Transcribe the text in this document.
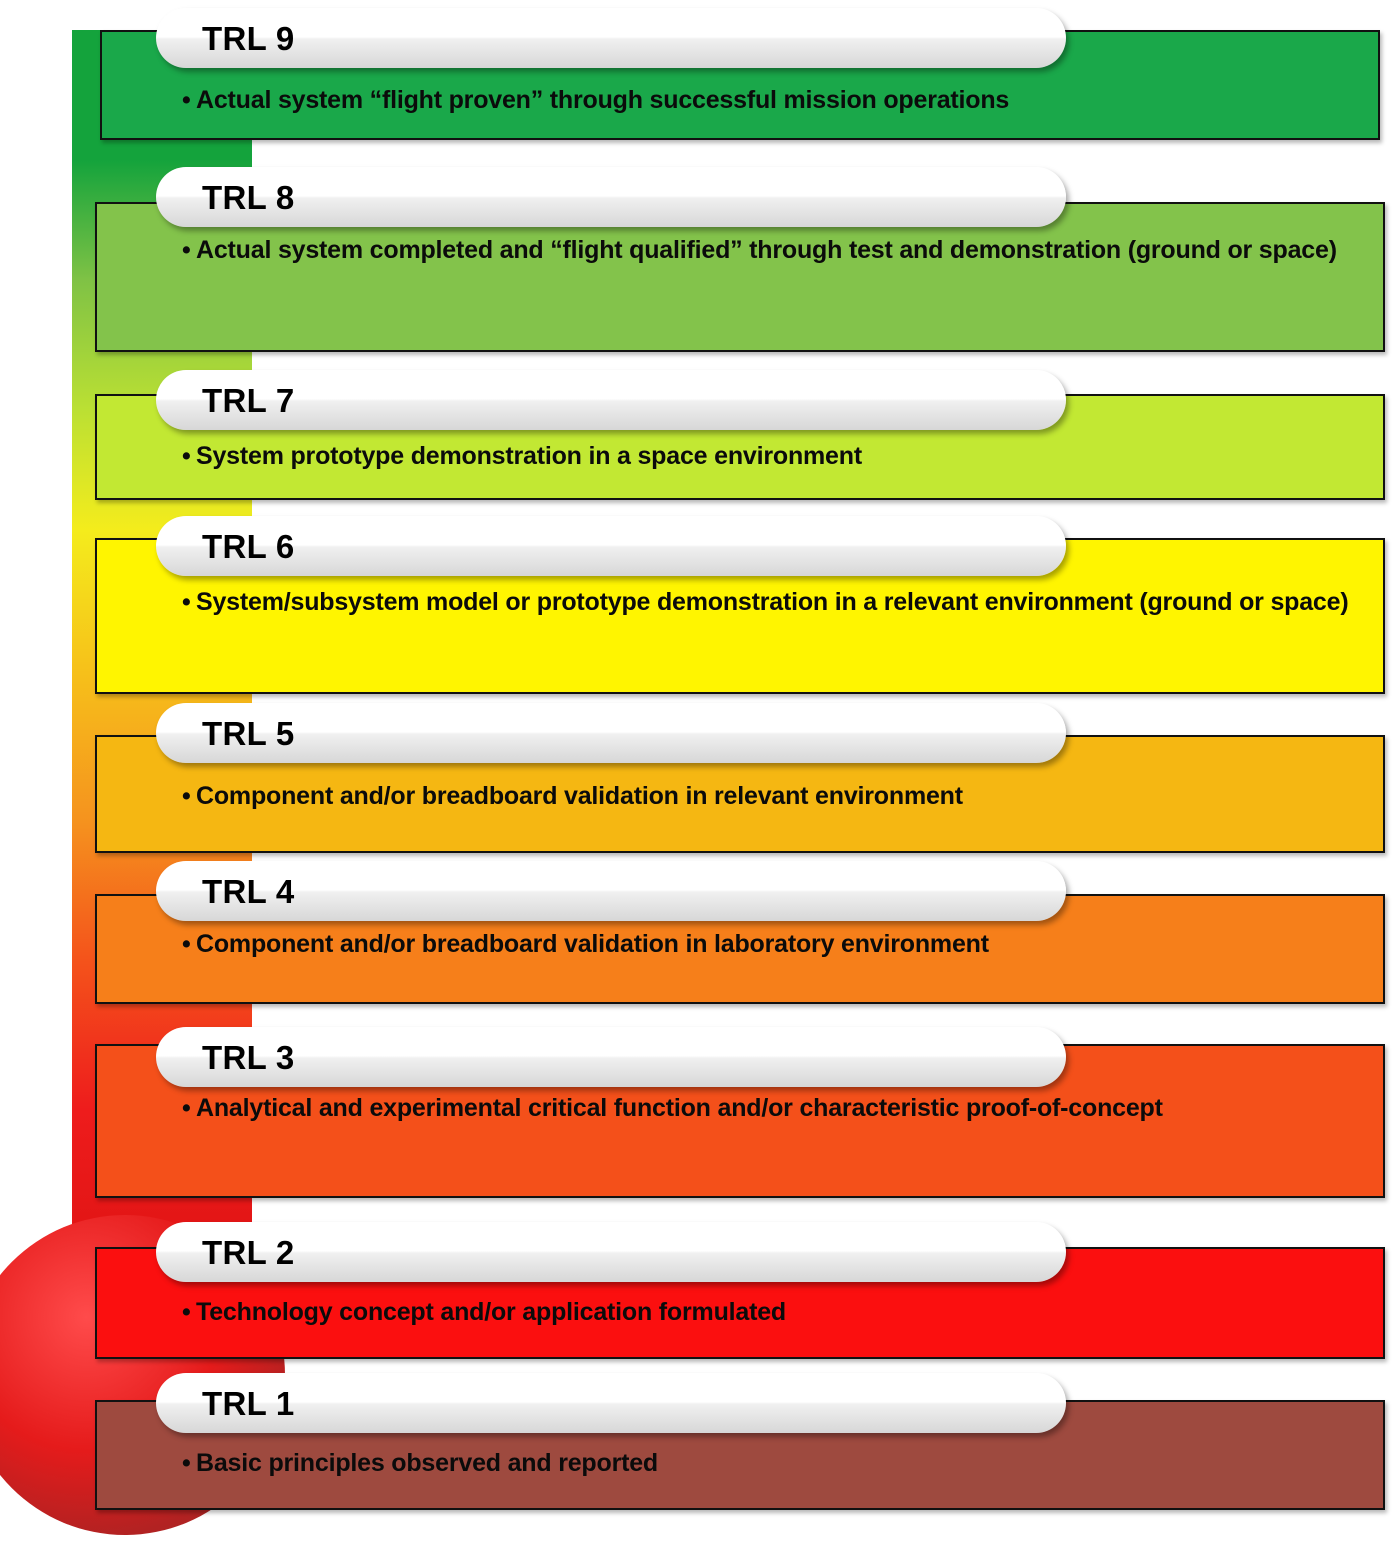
• Actual system “flight proven” through successful mission operations
TRL 9
• Actual system completed and “flight qualified” through test and demonstration (ground or space)
TRL 8
• System prototype demonstration in a space environment
TRL 7
• System/subsystem model or prototype demonstration in a relevant environment (ground or space)
TRL 6
• Component and/or breadboard validation in relevant environment
TRL 5
• Component and/or breadboard validation in laboratory environment
TRL 4
• Analytical and experimental critical function and/or characteristic proof-of-concept
TRL 3
• Technology concept and/or application formulated
TRL 2
• Basic principles observed and reported
TRL 1
